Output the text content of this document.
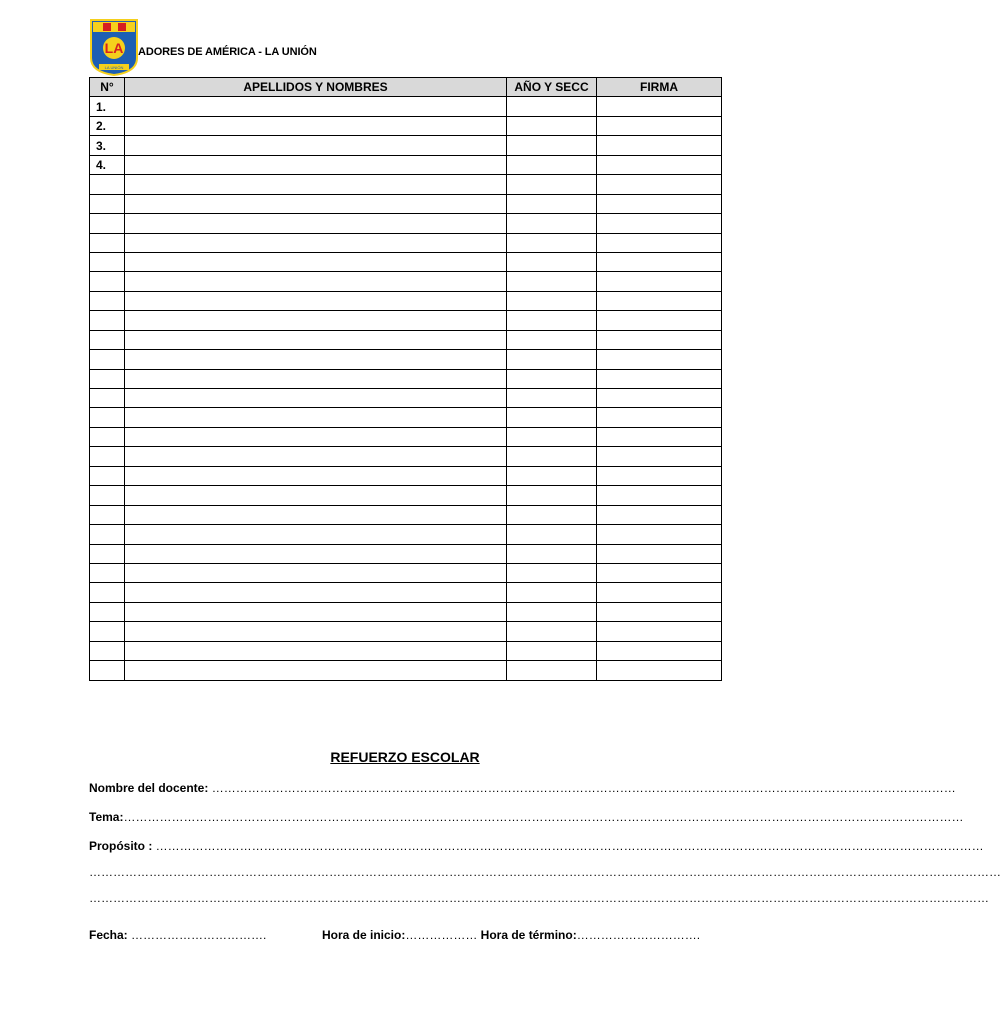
LA
LA UNIÓN
ADORES DE AMÉRICA - LA UNIÓN
N°	APELLIDOS Y NOMBRES	AÑO Y SECC	FIRMA
1.			
2.			
3.			
4.			

REFUERZO ESCOLAR
Nombre del docente: ……………………………………………………………………………………………………………………………………………………………………
Tema:…………………………………………………………………………………………………………………………………………………………………………………………
Propósito : ………………………………………………………………………………………………………………………………………………………………………………………
…………………………………………………………………………………………………………………………………………………………………………………………………………
………………………………………………………………………………………………………………………………………………………………………………………………………
Fecha: …………………………….	Hora de inicio:……………… Hora de término:………………………….
